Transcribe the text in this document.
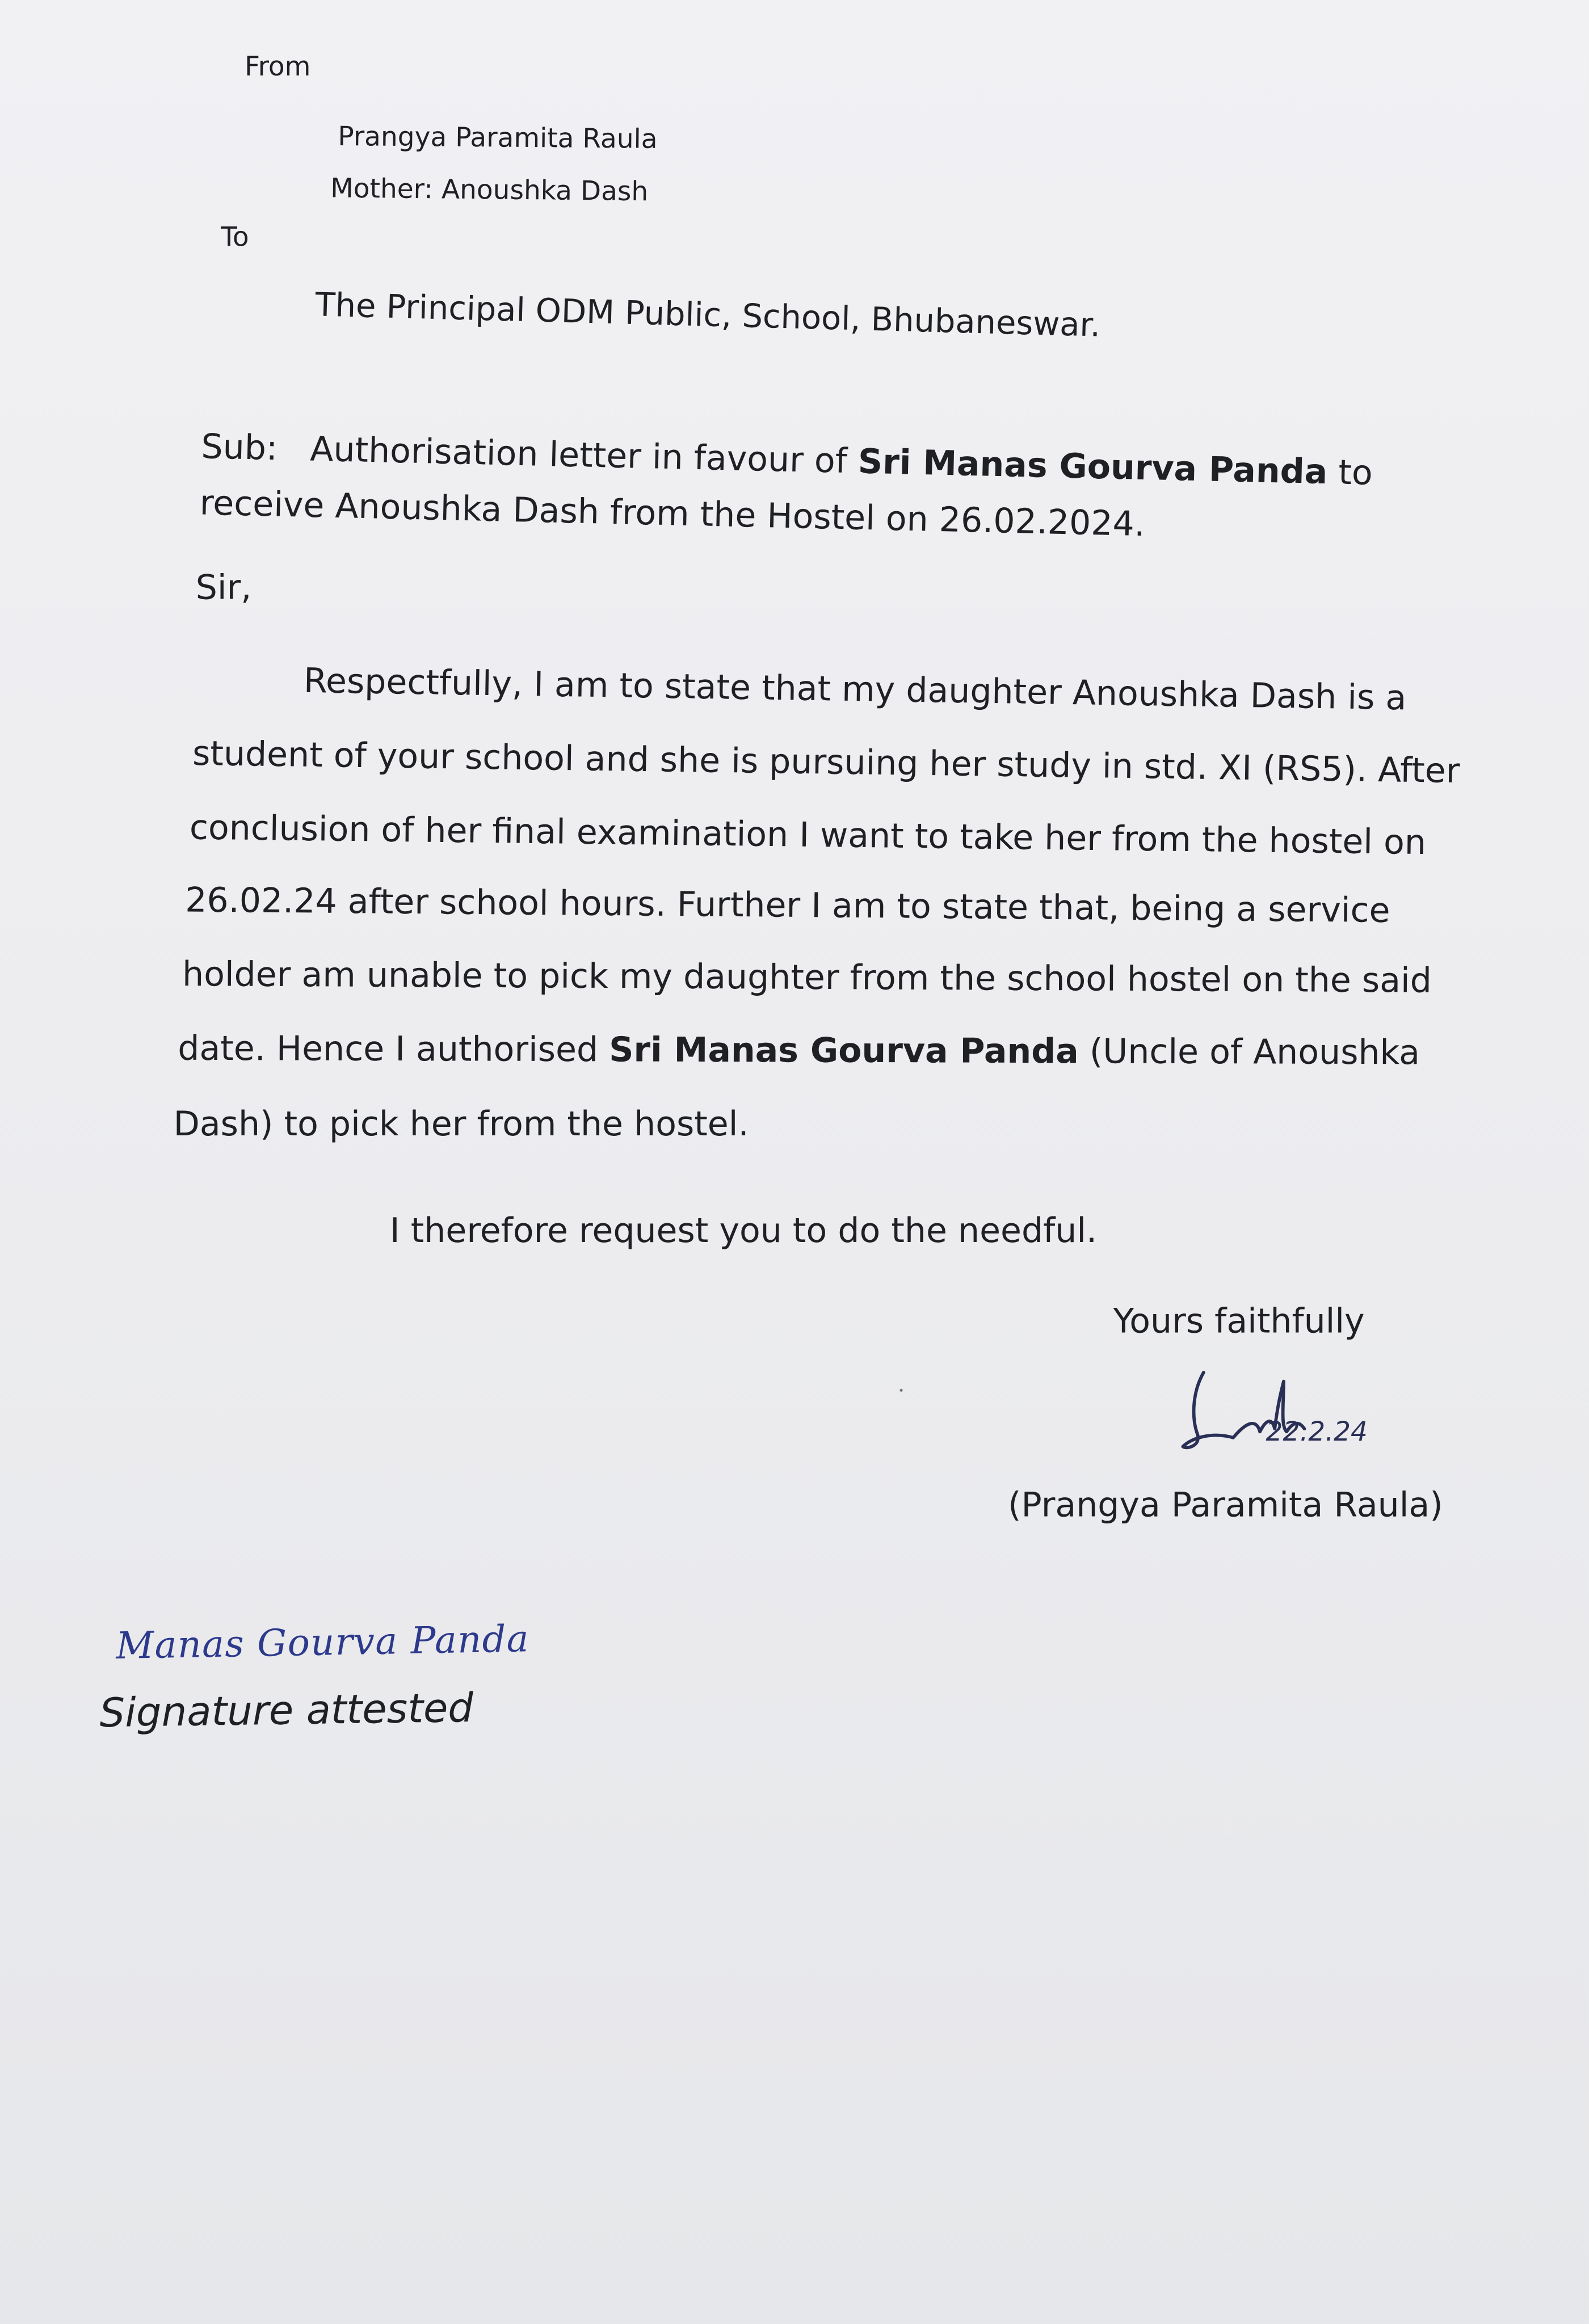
From
Prangya Paramita Raula
Mother: Anoushka Dash
To
The Principal ODM Public, School, Bhubaneswar.
Sub: Authorisation letter in favour of Sri Manas Gourva Panda to
receive Anoushka Dash from the Hostel on 26.02.2024.
Sir,
Respectfully, I am to state that my daughter Anoushka Dash is a
student of your school and she is pursuing her study in std. XI (RS5). After
conclusion of her final examination I want to take her from the hostel on
26.02.24 after school hours. Further I am to state that, being a service
holder am unable to pick my daughter from the school hostel on the said
date. Hence I authorised Sri Manas Gourva Panda (Uncle of Anoushka
Dash) to pick her from the hostel.
I therefore request you to do the needful.
Yours faithfully
22.2.24
(Prangya Paramita Raula)
Manas Gourva Panda
Signature attested
